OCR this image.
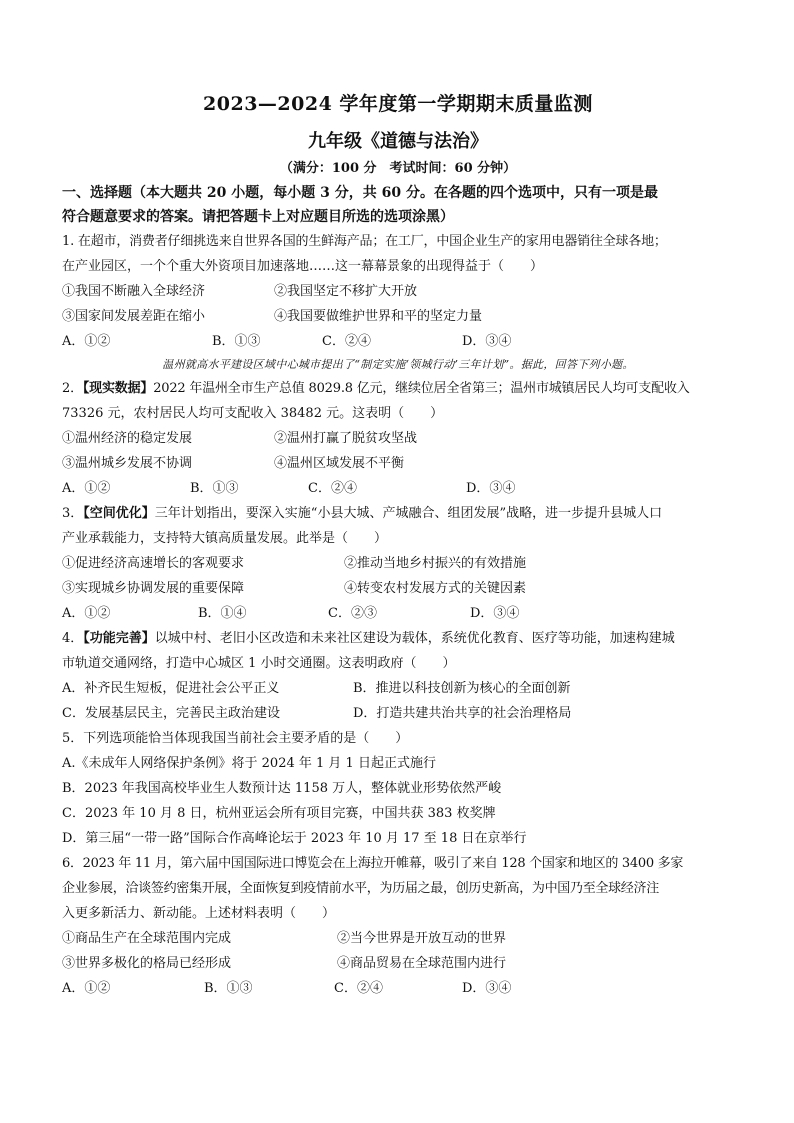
2023—2024 学年度第一学期期末质量监测
九年级《道德与法治》
（满分：100 分　考试时间：60 分钟）
一、选择题（本大题共 20 小题，每小题 3 分，共 60 分。在各题的四个选项中，只有一项是最
符合题意要求的答案。请把答题卡上对应题目所选的选项涂黑）
1. 在超市，消费者仔细挑选来自世界各国的生鲜海产品；在工厂，中国企业生产的家用电器销往全球各地；
在产业园区，一个个重大外资项目加速落地……这一幕幕景象的出现得益于（　　）
①我国不断融入全球经济	②我国坚定不移扩大开放
③国家间发展差距在缩小	④我国要做维护世界和平的坚定力量
A．①②	B．①③	C．②④	D．③④
温州就高水平建设区域中心城市提出了“制定实施‘领城行动’三年计划”。据此，回答下列小题。
2．【现实数据】2022 年温州全市生产总值 8029.8 亿元，继续位居全省第三；温州市城镇居民人均可支配收入
73326 元，农村居民人均可支配收入 38482 元。这表明（　　）
①温州经济的稳定发展	②温州打赢了脱贫攻坚战
③温州城乡发展不协调	④温州区域发展不平衡
A．①②	B．①③	C．②④	D．③④
3．【空间优化】三年计划指出，要深入实施“小县大城、产城融合、组团发展”战略，进一步提升县城人口
产业承载能力，支持特大镇高质量发展。此举是（　　）
①促进经济高速增长的客观要求	②推动当地乡村振兴的有效措施
③实现城乡协调发展的重要保障	④转变农村发展方式的关键因素
A．①②	B．①④	C．②③	D．③④
4．【功能完善】以城中村、老旧小区改造和未来社区建设为载体，系统优化教育、医疗等功能，加速构建城
市轨道交通网络，打造中心城区 1 小时交通圈。这表明政府（　　）
A．补齐民生短板，促进社会公平正义	B．推进以科技创新为核心的全面创新
C．发展基层民主，完善民主政治建设	D．打造共建共治共享的社会治理格局
5．下列选项能恰当体现我国当前社会主要矛盾的是（　　）
A.《未成年人网络保护条例》将于 2024 年 1 月 1 日起正式施行
B．2023 年我国高校毕业生人数预计达 1158 万人，整体就业形势依然严峻
C．2023 年 10 月 8 日，杭州亚运会所有项目完赛，中国共获 383 枚奖牌
D．第三届“一带一路”国际合作高峰论坛于 2023 年 10 月 17 至 18 日在京举行
6．2023 年 11 月，第六届中国国际进口博览会在上海拉开帷幕，吸引了来自 128 个国家和地区的 3400 多家
企业参展，洽谈签约密集开展，全面恢复到疫情前水平，为历届之最，创历史新高，为中国乃至全球经济注
入更多新活力、新动能。上述材料表明（　　）
①商品生产在全球范围内完成	②当今世界是开放互动的世界
③世界多极化的格局已经形成	④商品贸易在全球范围内进行
A．①②	B．①③	C．②④	D．③④
